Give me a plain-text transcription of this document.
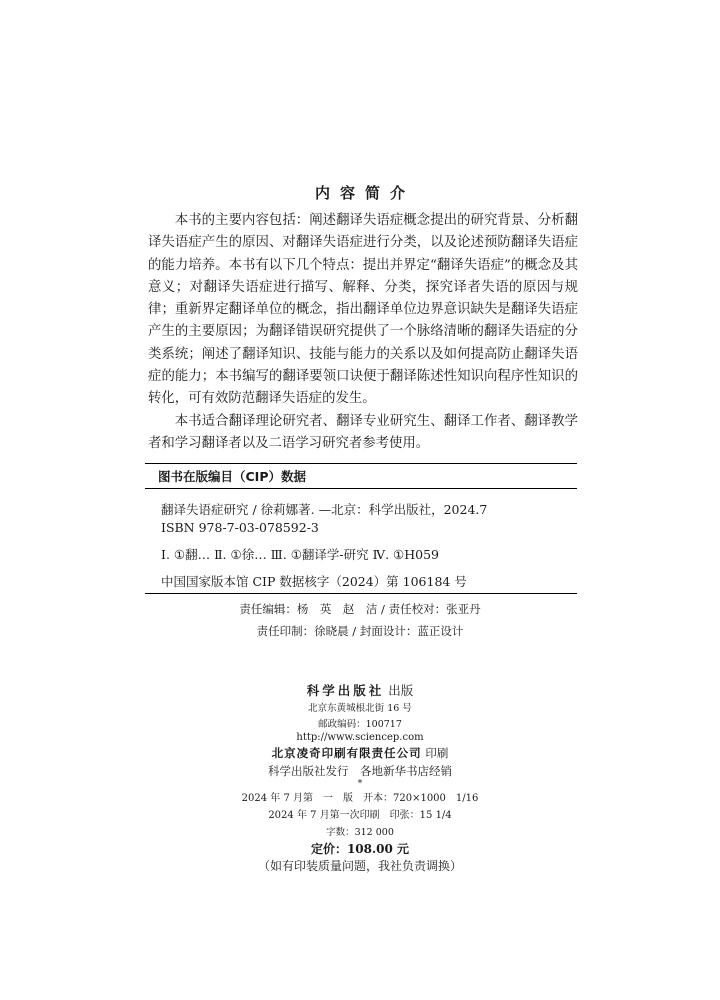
内容简介

本书的主要内容包括：阐述翻译失语症概念提出的研究背景、分析翻译失语症产生的原因、对翻译失语症进行分类，以及论述预防翻译失语症的能力培养。本书有以下几个特点：提出并界定“翻译失语症”的概念及其意义；对翻译失语症进行描写、解释、分类，探究译者失语的原因与规律；重新界定翻译单位的概念，指出翻译单位边界意识缺失是翻译失语症产生的主要原因；为翻译错误研究提供了一个脉络清晰的翻译失语症的分类系统；阐述了翻译知识、技能与能力的关系以及如何提高防止翻译失语症的能力；本书编写的翻译要领口诀便于翻译陈述性知识向程序性知识的转化，可有效防范翻译失语症的发生。

本书适合翻译理论研究者、翻译专业研究生、翻译工作者、翻译教学者和学习翻译者以及二语学习研究者参考使用。

图书在版编目（CIP）数据
翻译失语症研究 / 徐莉娜著. —北京：科学出版社，2024.7
ISBN 978-7-03-078592-3
Ⅰ. ①翻… Ⅱ. ①徐… Ⅲ. ①翻译学-研究 Ⅳ. ①H059
中国国家版本馆 CIP 数据核字（2024）第 106184 号
责任编辑：杨　英　赵　洁 / 责任校对：张亚丹
责任印制：徐晓晨 / 封面设计：蓝正设计
科学出版社 出版
北京东黄城根北街 16 号
邮政编码：100717
http://www.sciencep.com
北京凌奇印刷有限责任公司 印刷
科学出版社发行　各地新华书店经销
*
2024 年 7 月第　一　版　开本：720×1000　1/16
2024 年 7 月第一次印刷　印张：15 1/4
字数：312 000
定价：108.00 元
（如有印装质量问题，我社负责调换）
